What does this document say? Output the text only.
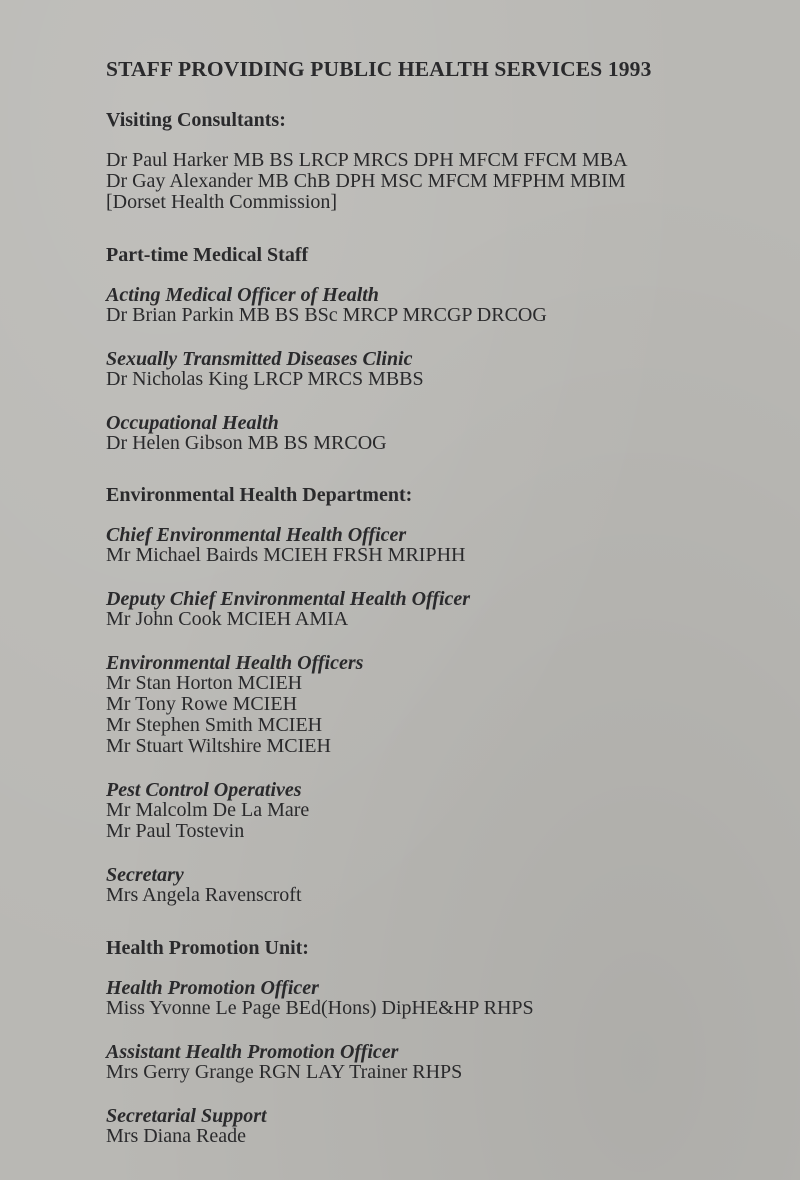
STAFF PROVIDING PUBLIC HEALTH SERVICES 1993
Visiting Consultants:
Dr Paul Harker MB BS LRCP MRCS DPH MFCM FFCM MBA
Dr Gay Alexander MB ChB DPH MSC MFCM MFPHM MBIM
[Dorset Health Commission]
Part-time Medical Staff
Acting Medical Officer of Health
Dr Brian Parkin MB BS BSc MRCP MRCGP DRCOG
Sexually Transmitted Diseases Clinic
Dr Nicholas King LRCP MRCS MBBS
Occupational Health
Dr Helen Gibson MB BS MRCOG
Environmental Health Department:
Chief Environmental Health Officer
Mr Michael Bairds MCIEH FRSH MRIPHH
Deputy Chief Environmental Health Officer
Mr John Cook MCIEH AMIA
Environmental Health Officers
Mr Stan Horton MCIEH
Mr Tony Rowe MCIEH
Mr Stephen Smith MCIEH
Mr Stuart Wiltshire MCIEH
Pest Control Operatives
Mr Malcolm De La Mare
Mr Paul Tostevin
Secretary
Mrs Angela Ravenscroft
Health Promotion Unit:
Health Promotion Officer
Miss Yvonne Le Page BEd(Hons) DipHE&HP RHPS
Assistant Health Promotion Officer
Mrs Gerry Grange RGN LAY Trainer RHPS
Secretarial Support
Mrs Diana Reade
